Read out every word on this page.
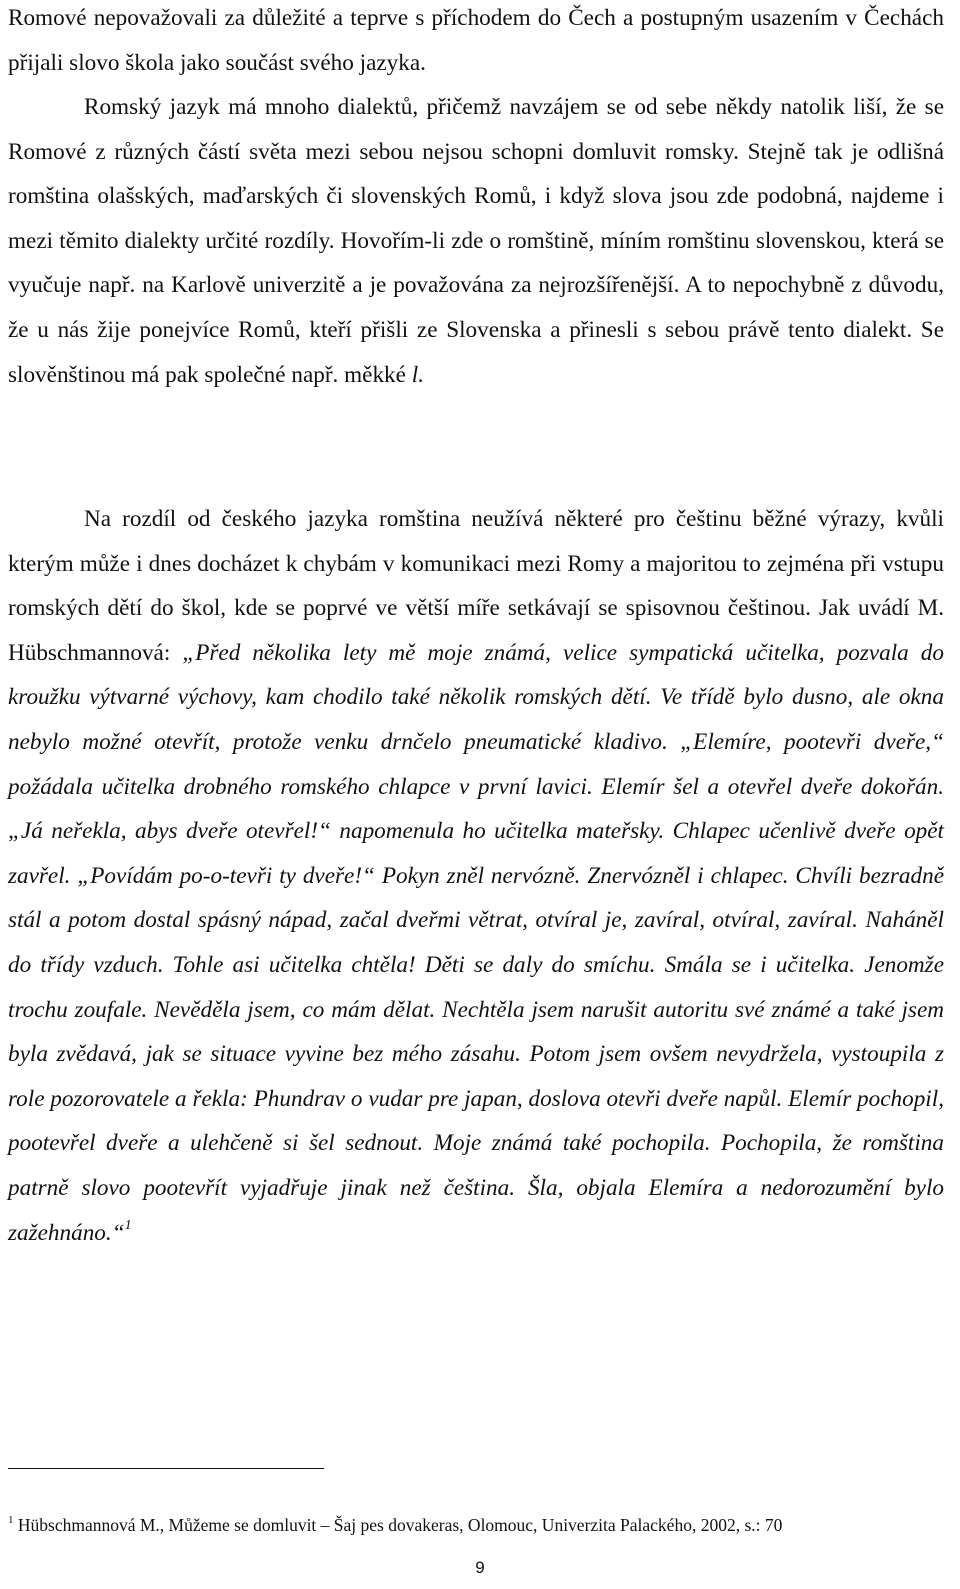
Romové nepovažovali za důležité a teprve s příchodem do Čech a postupným usazením v Čechách přijali slovo škola jako součást svého jazyka.

Romský jazyk má mnoho dialektů, přičemž navzájem se od sebe někdy natolik liší, že se Romové z různých částí světa mezi sebou nejsou schopni domluvit romsky. Stejně tak je odlišná romština olašských, maďarských či slovenských Romů, i když slova jsou zde podobná, najdeme i mezi těmito dialekty určité rozdíly. Hovořím-li zde o romštině, míním romštinu slovenskou, která se vyučuje např. na Karlově univerzitě a je považována za nejrozšířenější. A to nepochybně z důvodu, že u nás žije ponejvíce Romů, kteří přišli ze Slovenska a přinesli s sebou právě tento dialekt. Se slověnštinou má pak společné např. měkké l.

Na rozdíl od českého jazyka romština neužívá některé pro češtinu běžné výrazy, kvůli kterým může i dnes docházet k chybám v komunikaci mezi Romy a majoritou to zejména při vstupu romských dětí do škol, kde se poprvé ve větší míře setkávají se spisovnou češtinou. Jak uvádí M. Hübschmannová: „Před několika lety mě moje známá, velice sympatická učitelka, pozvala do kroužku výtvarné výchovy, kam chodilo také několik romských dětí. Ve třídě bylo dusno, ale okna nebylo možné otevřít, protože venku drnčelo pneumatické kladivo. „Elemíre, pootevři dveře,“ požádala učitelka drobného romského chlapce v první lavici. Elemír šel a otevřel dveře dokořán. „Já neřekla, abys dveře otevřel!“ napomenula ho učitelka mateřsky. Chlapec učenlivě dveře opět zavřel. „Povídám po-o-tevři ty dveře!“ Pokyn zněl nervózně. Znervózněl i chlapec. Chvíli bezradně stál a potom dostal spásný nápad, začal dveřmi větrat, otvíral je, zavíral, otvíral, zavíral. Naháněl do třídy vzduch. Tohle asi učitelka chtěla! Děti se daly do smíchu. Smála se i učitelka. Jenomže trochu zoufale. Nevěděla jsem, co mám dělat. Nechtěla jsem narušit autoritu své známé a také jsem byla zvědavá, jak se situace vyvine bez mého zásahu. Potom jsem ovšem nevydržela, vystoupila z role pozorovatele a řekla: Phundrav o vudar pre japan, doslova otevři dveře napůl. Elemír pochopil, pootevřel dveře a ulehčeně si šel sednout. Moje známá také pochopila. Pochopila, že romština patrně slovo pootevřít vyjadřuje jinak než čeština. Šla, objala Elemíra a nedorozumění bylo zažehnáno.“$^1$

$^1$ Hübschmannová M., Můžeme se domluvit – Šaj pes dovakeras, Olomouc, Univerzita Palackého, 2002, s.: 70

9
